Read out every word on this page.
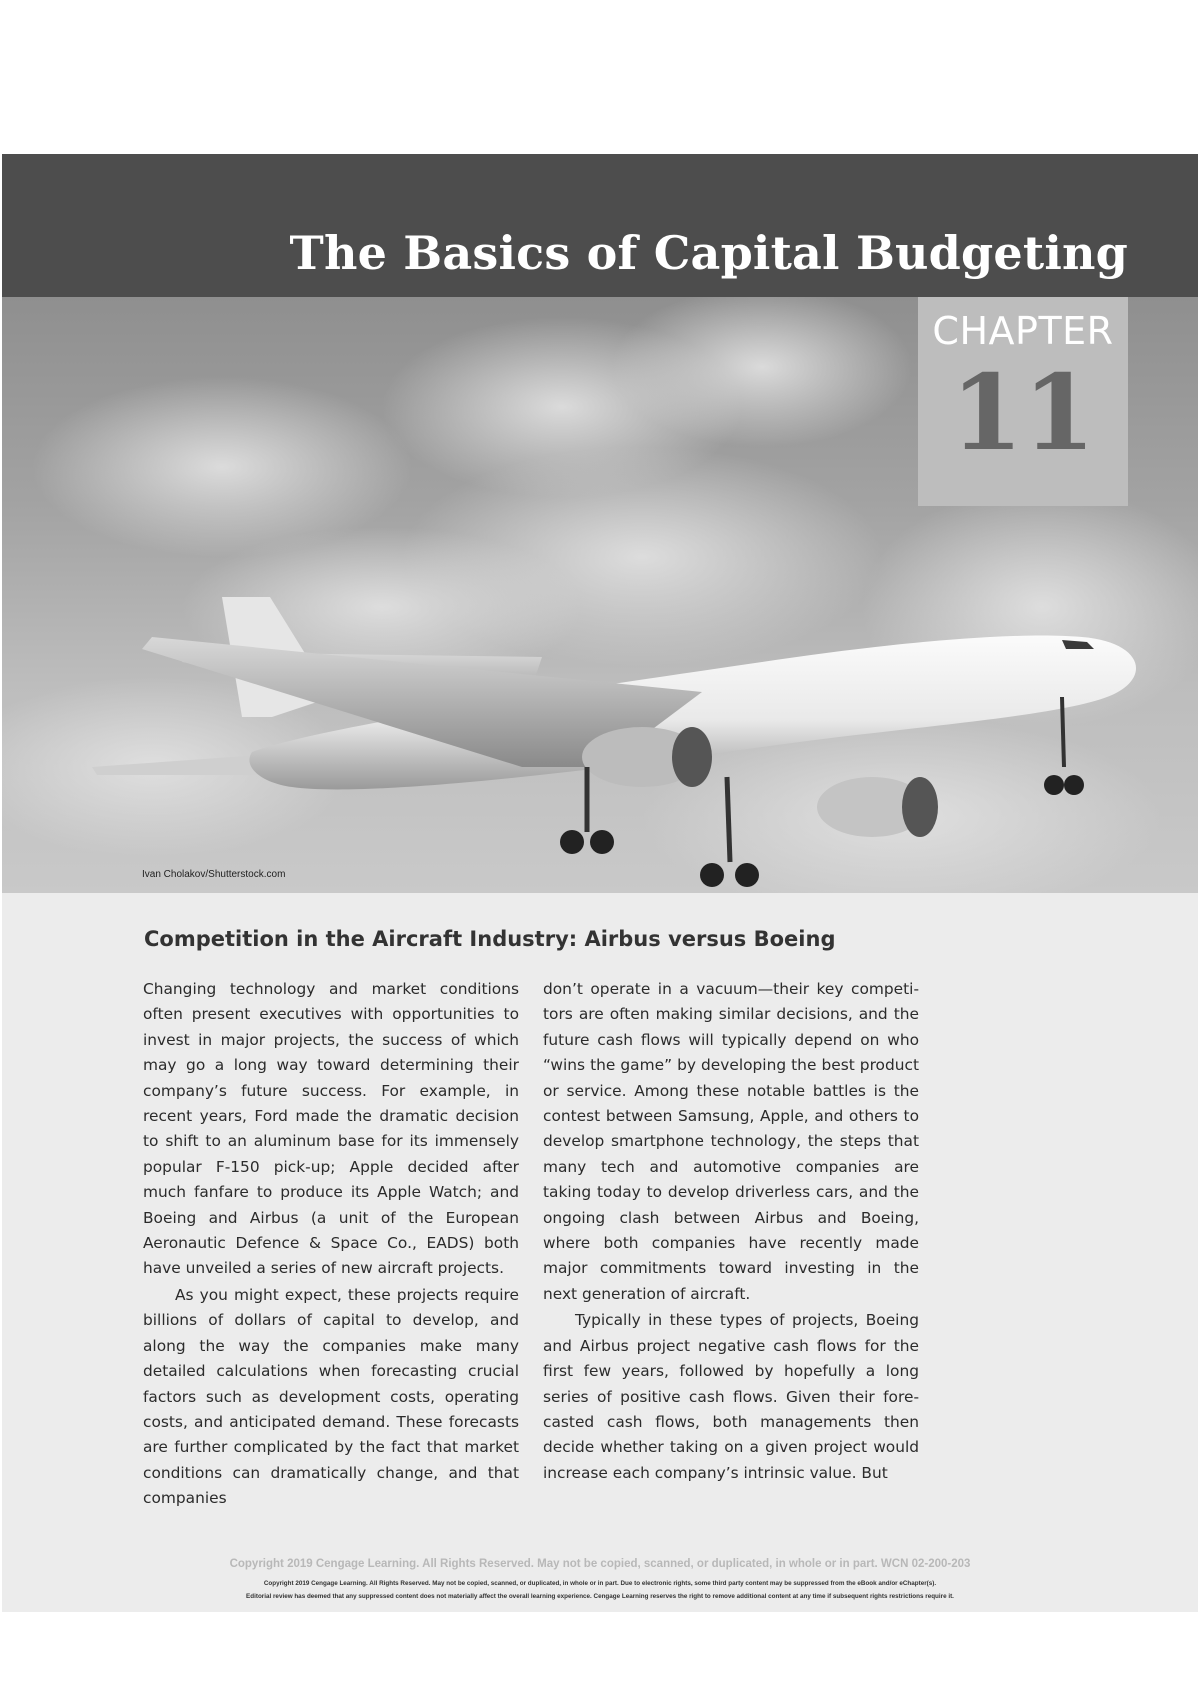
The Basics of Capital Budgeting
CHAPTER
11
Ivan Cholakov/Shutterstock.com
Competition in the Aircraft Industry: Airbus versus Boeing

Changing technology and market conditions often present executives with opportunities to invest in major projects, the success of which may go a long way toward determining their company’s future success. For example, in recent years, Ford made the dramatic decision to shift to an aluminum base for its immensely popular F-150 pick-up; Apple decided after much fanfare to produce its Apple Watch; and Boeing and Airbus (a unit of the European Aeronautic Defence & Space Co., EADS) both have unveiled a series of new aircraft projects.

As you might expect, these projects require billions of dollars of capital to develop, and along the way the companies make many detailed calculations when forecasting crucial factors such as development costs, operating costs, and anticipated demand. These forecasts are further complicated by the fact that market conditions can dramatically change, and that companies

don’t operate in a vacuum—their key competitors are often making similar decisions, and the future cash flows will typically depend on who “wins the game” by developing the best product or service. Among these notable battles is the contest between Samsung, Apple, and others to develop smartphone technology, the steps that many tech and automotive companies are taking today to develop driverless cars, and the ongoing clash between Airbus and Boeing, where both companies have recently made major commitments toward investing in the next generation of aircraft.

Typically in these types of projects, Boeing and Airbus project negative cash flows for the first few years, followed by hopefully a long series of positive cash flows. Given their forecasted cash flows, both managements then decide whether taking on a given project would increase each company’s intrinsic value. But

Copyright 2019 Cengage Learning. All Rights Reserved. May not be copied, scanned, or duplicated, in whole or in part. WCN 02-200-203
Copyright 2019 Cengage Learning. All Rights Reserved. May not be copied, scanned, or duplicated, in whole or in part. Due to electronic rights, some third party content may be suppressed from the eBook and/or eChapter(s).
Editorial review has deemed that any suppressed content does not materially affect the overall learning experience. Cengage Learning reserves the right to remove additional content at any time if subsequent rights restrictions require it.
